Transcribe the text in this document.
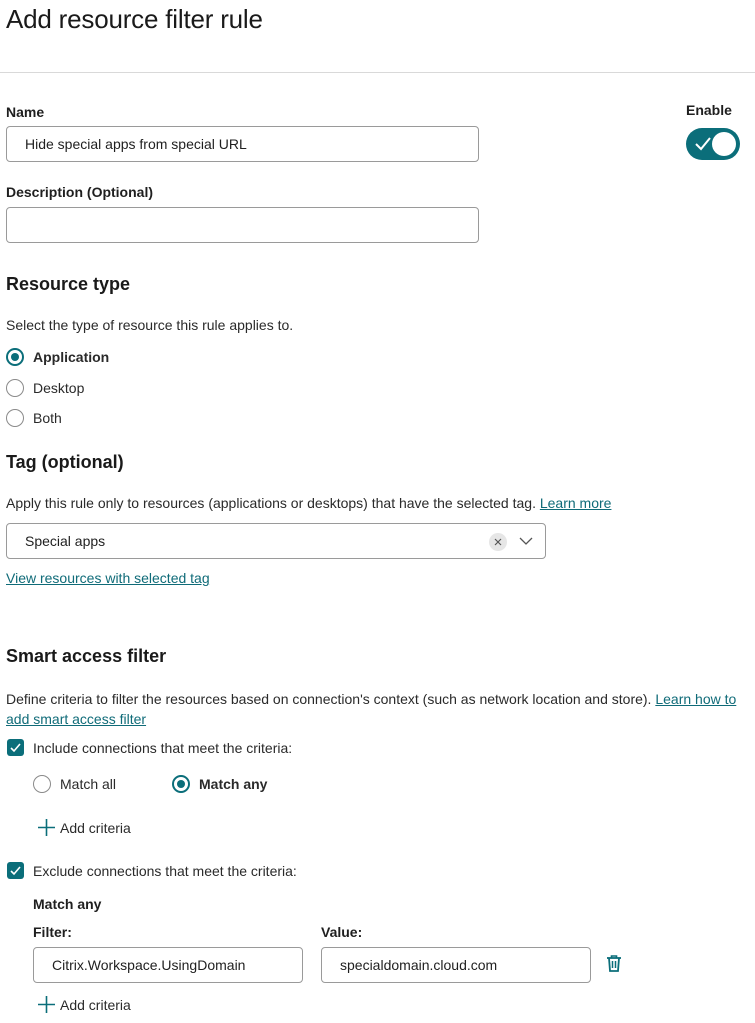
Add resource filter rule
Name
Hide special apps from special URL
Enable
Description (Optional)
Resource type
Select the type of resource this rule applies to.
Application
Desktop
Both
Tag (optional)
Apply this rule only to resources (applications or desktops) that have the selected tag. Learn more
Special apps
View resources with selected tag
Smart access filter
Define criteria to filter the resources based on connection's context (such as network location and store). Learn how to
add smart access filter
Include connections that meet the criteria:
Match all	Match any
Add criteria
Exclude connections that meet the criteria:
Match any
Filter:	Value:
Citrix.Workspace.UsingDomain	specialdomain.cloud.com
Add criteria
